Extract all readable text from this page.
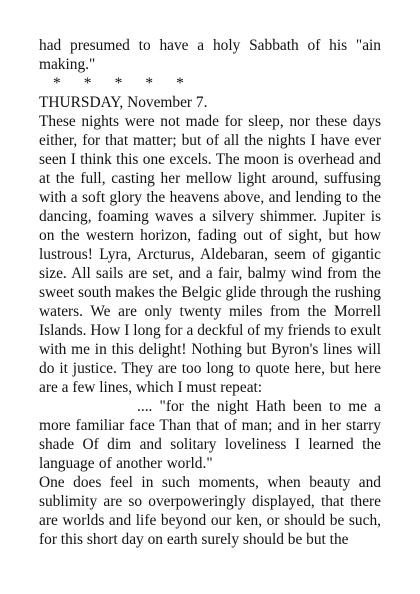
had presumed to have a holy Sabbath of his "ain making."

*      *      *      *      *

THURSDAY, November 7.

These nights were not made for sleep, nor these days either, for that matter; but of all the nights I have ever seen I think this one excels. The moon is overhead and at the full, casting her mellow light around, suffusing with a soft glory the heavens above, and lending to the dancing, foaming waves a silvery shimmer. Jupiter is on the western horizon, fading out of sight, but how lustrous! Lyra, Arcturus, Aldebaran, seem of gigantic size. All sails are set, and a fair, balmy wind from the sweet south makes the Belgic glide through the rushing waters. We are only twenty miles from the Morrell Islands. How I long for a deckful of my friends to exult with me in this delight! Nothing but Byron's lines will do it justice. They are too long to quote here, but here are a few lines, which I must repeat:

.... "for the night Hath been to me a more familiar face Than that of man; and in her starry shade Of dim and solitary loveliness I learned the language of another world."

One does feel in such moments, when beauty and sublimity are so overpoweringly displayed, that there are worlds and life beyond our ken, or should be such, for this short day on earth surely should be but the
